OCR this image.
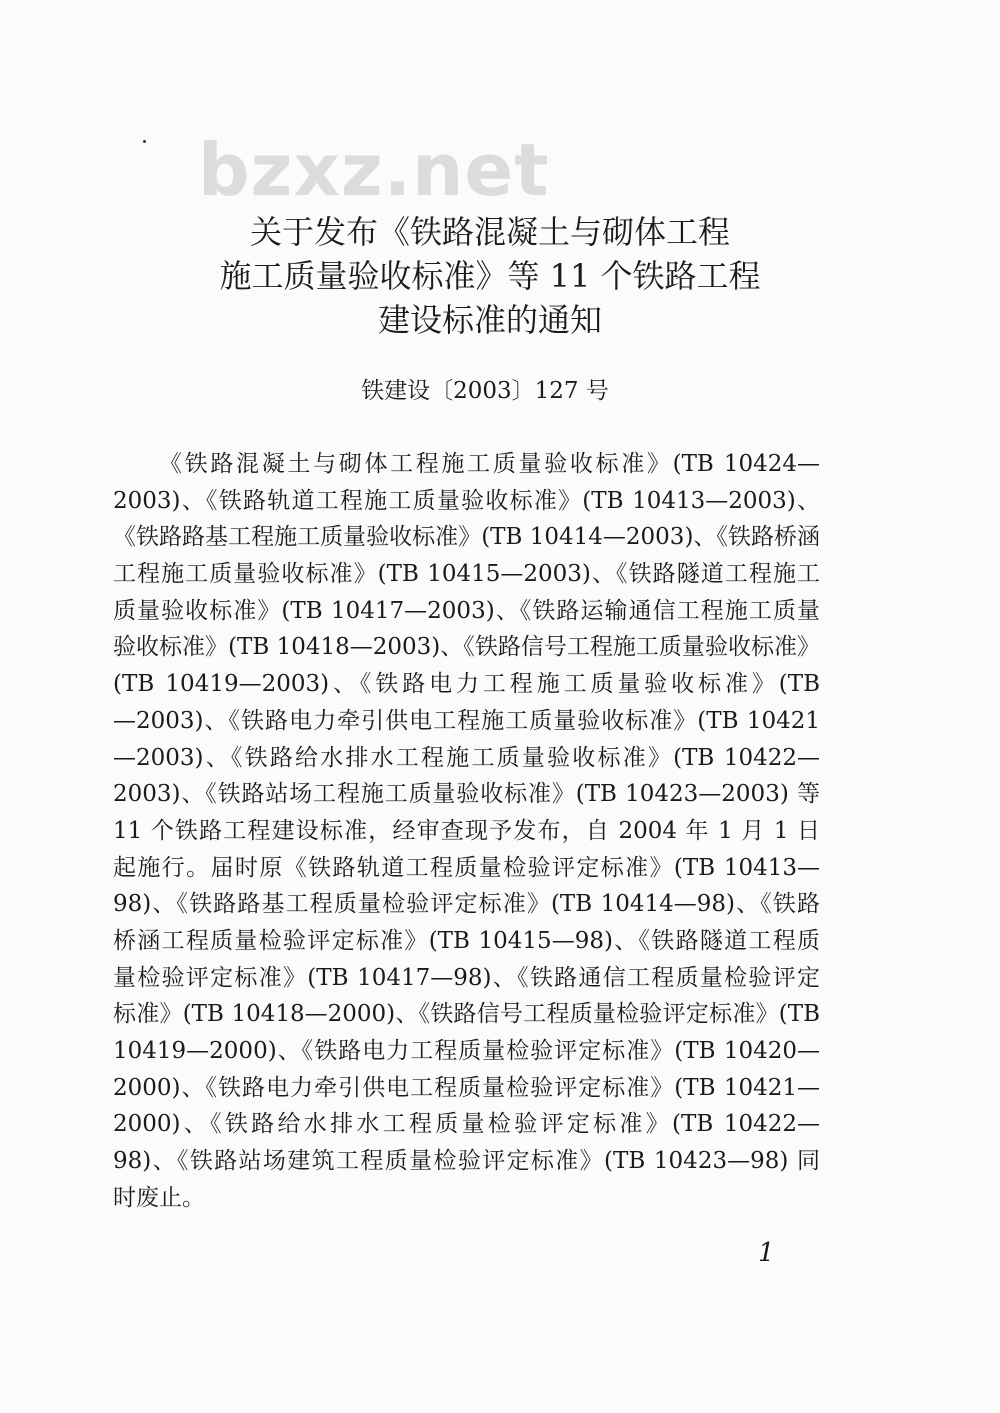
bzxz.net
关于发布《铁路混凝土与砌体工程
施工质量验收标准》等 11 个铁路工程
建设标准的通知
铁建设〔2003〕127 号
《铁路混凝土与砌体工程施工质量验收标准》(TB 10424—
2003)、《铁路轨道工程施工质量验收标准》(TB 10413—2003)、
《铁路路基工程施工质量验收标准》(TB 10414—2003)、《铁路桥涵
工程施工质量验收标准》(TB 10415—2003)、《铁路隧道工程施工
质量验收标准》(TB 10417—2003)、《铁路运输通信工程施工质量
验收标准》(TB 10418—2003)、《铁路信号工程施工质量验收标准》
(TB 10419—2003)、《铁路电力工程施工质量验收标准》(TB
—2003)、《铁路电力牵引供电工程施工质量验收标准》(TB 10421
—2003)、《铁路给水排水工程施工质量验收标准》(TB 10422—
2003)、《铁路站场工程施工质量验收标准》(TB 10423—2003) 等
11 个铁路工程建设标准，经审查现予发布，自 2004 年 1 月 1 日
起施行。届时原《铁路轨道工程质量检验评定标准》(TB 10413—
98)、《铁路路基工程质量检验评定标准》(TB 10414—98)、《铁路
桥涵工程质量检验评定标准》(TB 10415—98)、《铁路隧道工程质
量检验评定标准》(TB 10417—98)、《铁路通信工程质量检验评定
标准》(TB 10418—2000)、《铁路信号工程质量检验评定标准》(TB
10419—2000)、《铁路电力工程质量检验评定标准》(TB 10420—
2000)、《铁路电力牵引供电工程质量检验评定标准》(TB 10421—
2000)、《铁路给水排水工程质量检验评定标准》(TB 10422—
98)、《铁路站场建筑工程质量检验评定标准》(TB 10423—98) 同
时废止。
1
